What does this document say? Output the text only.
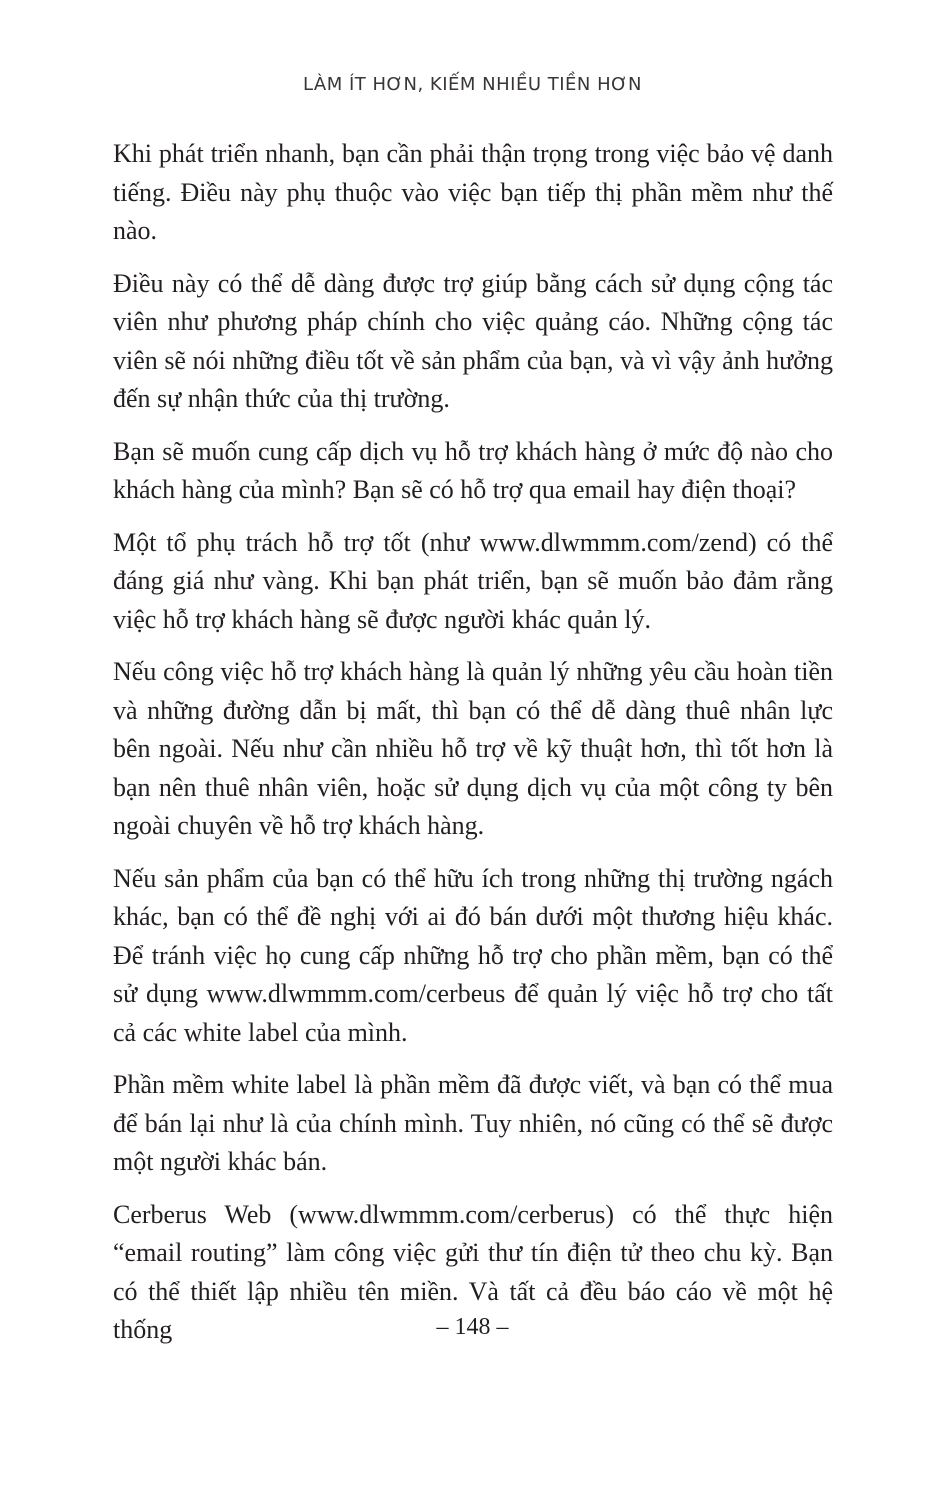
LÀM ÍT HƠN, KIẾM NHIỀU TIỀN HƠN

Khi phát triển nhanh, bạn cần phải thận trọng trong việc bảo vệ danh tiếng. Điều này phụ thuộc vào việc bạn tiếp thị phần mềm như thế nào.

Điều này có thể dễ dàng được trợ giúp bằng cách sử dụng cộng tác viên như phương pháp chính cho việc quảng cáo. Những cộng tác viên sẽ nói những điều tốt về sản phẩm của bạn, và vì vậy ảnh hưởng đến sự nhận thức của thị trường.

Bạn sẽ muốn cung cấp dịch vụ hỗ trợ khách hàng ở mức độ nào cho khách hàng của mình? Bạn sẽ có hỗ trợ qua email hay điện thoại?

Một tổ phụ trách hỗ trợ tốt (như www.dlwmmm.com/zend) có thể đáng giá như vàng. Khi bạn phát triển, bạn sẽ muốn bảo đảm rằng việc hỗ trợ khách hàng sẽ được người khác quản lý.

Nếu công việc hỗ trợ khách hàng là quản lý những yêu cầu hoàn tiền và những đường dẫn bị mất, thì bạn có thể dễ dàng thuê nhân lực bên ngoài. Nếu như cần nhiều hỗ trợ về kỹ thuật hơn, thì tốt hơn là bạn nên thuê nhân viên, hoặc sử dụng dịch vụ của một công ty bên ngoài chuyên về hỗ trợ khách hàng.

Nếu sản phẩm của bạn có thể hữu ích trong những thị trường ngách khác, bạn có thể đề nghị với ai đó bán dưới một thương hiệu khác. Để tránh việc họ cung cấp những hỗ trợ cho phần mềm, bạn có thể sử dụng www.dlwmmm.com/cerbeus để quản lý việc hỗ trợ cho tất cả các white label của mình.

Phần mềm white label là phần mềm đã được viết, và bạn có thể mua để bán lại như là của chính mình. Tuy nhiên, nó cũng có thể sẽ được một người khác bán.

Cerberus Web (www.dlwmmm.com/cerberus) có thể thực hiện “email routing” làm công việc gửi thư tín điện tử theo chu kỳ. Bạn có thể thiết lập nhiều tên miền. Và tất cả đều báo cáo về một hệ thống	– 148 –
